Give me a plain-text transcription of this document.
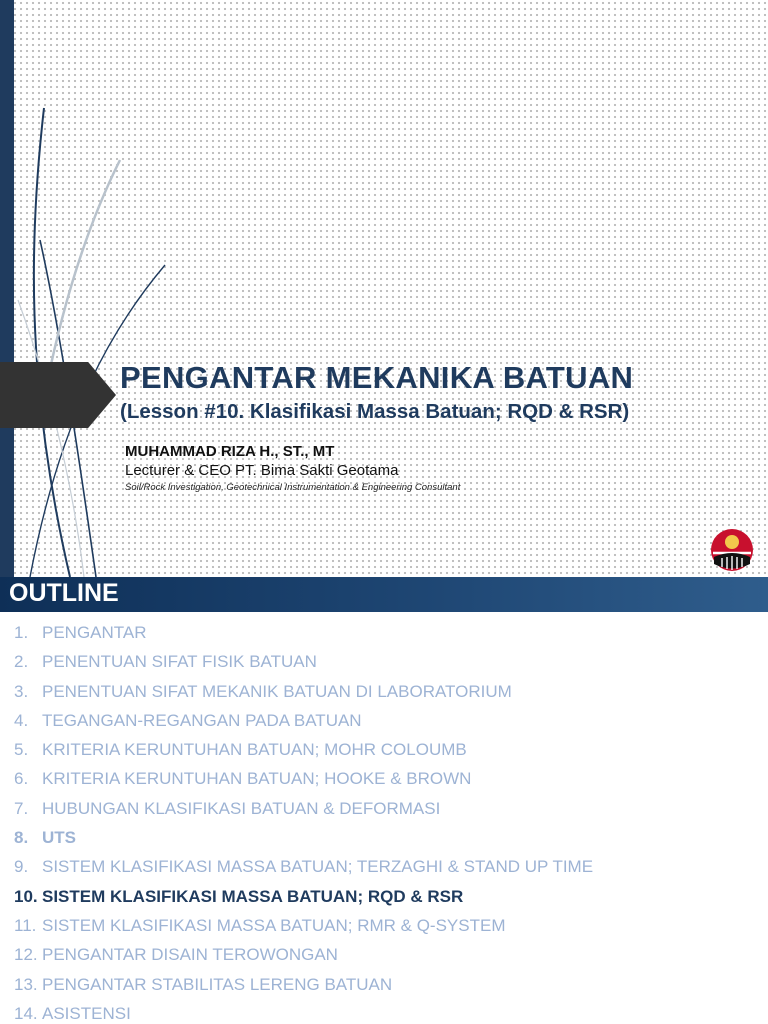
PENGANTAR MEKANIKA BATUAN
(Lesson #10. Klasifikasi Massa Batuan; RQD & RSR)
MUHAMMAD RIZA H., ST., MT
Lecturer & CEO PT. Bima Sakti Geotama
Soil/Rock Investigation, Geotechnical Instrumentation & Engineering Consultant
OUTLINE
1. PENGANTAR
2. PENENTUAN SIFAT FISIK BATUAN
3. PENENTUAN SIFAT MEKANIK BATUAN DI LABORATORIUM
4. TEGANGAN-REGANGAN PADA BATUAN
5. KRITERIA KERUNTUHAN BATUAN; MOHR COLOUMB
6. KRITERIA KERUNTUHAN BATUAN; HOOKE & BROWN
7. HUBUNGAN KLASIFIKASI BATUAN & DEFORMASI
8. UTS
9. SISTEM KLASIFIKASI MASSA BATUAN; TERZAGHI & STAND UP TIME
10. SISTEM KLASIFIKASI MASSA BATUAN; RQD & RSR
11. SISTEM KLASIFIKASI MASSA BATUAN; RMR & Q-SYSTEM
12. PENGANTAR DISAIN TEROWONGAN
13. PENGANTAR STABILITAS LERENG BATUAN
14. ASISTENSI
